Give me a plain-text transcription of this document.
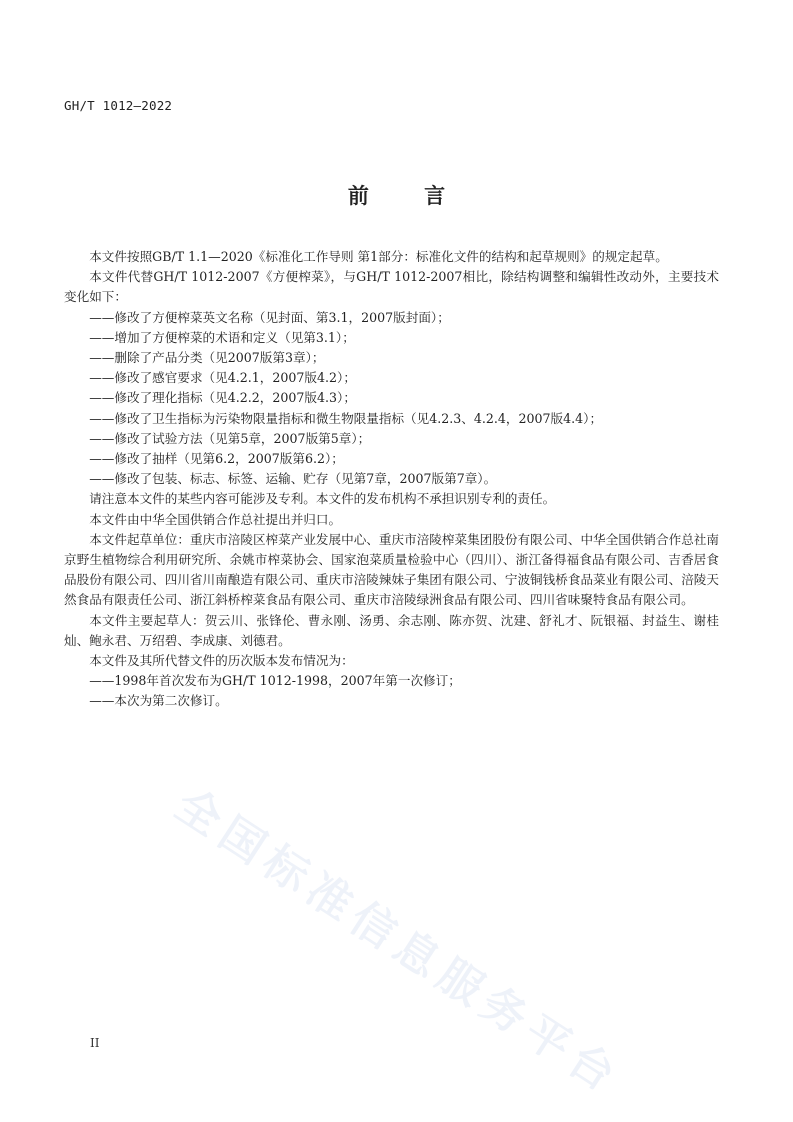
GH/T 1012—2022
前 言

本文件按照GB/T 1.1—2020《标准化工作导则 第1部分：标准化文件的结构和起草规则》的规定起草。

本文件代替GH/T 1012-2007《方便榨菜》，与GH/T 1012-2007相比，除结构调整和编辑性改动外，主要技术变化如下：

——修改了方便榨菜英文名称（见封面、第3.1，2007版封面）；

——增加了方便榨菜的术语和定义（见第3.1）；

——删除了产品分类（见2007版第3章）；

——修改了感官要求（见4.2.1，2007版4.2）；

——修改了理化指标（见4.2.2，2007版4.3）；

——修改了卫生指标为污染物限量指标和微生物限量指标（见4.2.3、4.2.4，2007版4.4）；

——修改了试验方法（见第5章，2007版第5章）；

——修改了抽样（见第6.2，2007版第6.2）；

——修改了包装、标志、标签、运输、贮存（见第7章，2007版第7章）。

请注意本文件的某些内容可能涉及专利。本文件的发布机构不承担识别专利的责任。

本文件由中华全国供销合作总社提出并归口。

本文件起草单位：重庆市涪陵区榨菜产业发展中心、重庆市涪陵榨菜集团股份有限公司、中华全国供销合作总社南京野生植物综合利用研究所、余姚市榨菜协会、国家泡菜质量检验中心（四川）、浙江备得福食品有限公司、吉香居食品股份有限公司、四川省川南酿造有限公司、重庆市涪陵辣妹子集团有限公司、宁波铜钱桥食品菜业有限公司、涪陵天然食品有限责任公司、浙江斜桥榨菜食品有限公司、重庆市涪陵绿洲食品有限公司、四川省味聚特食品有限公司。

本文件主要起草人：贺云川、张锋伦、曹永刚、汤勇、余志刚、陈亦贺、沈建、舒礼才、阮银福、封益生、谢桂灿、鲍永君、万绍碧、李成康、刘德君。

本文件及其所代替文件的历次版本发布情况为：

——1998年首次发布为GH/T 1012-1998，2007年第一次修订；

——本次为第二次修订。

全国标准信息服务平台
II
